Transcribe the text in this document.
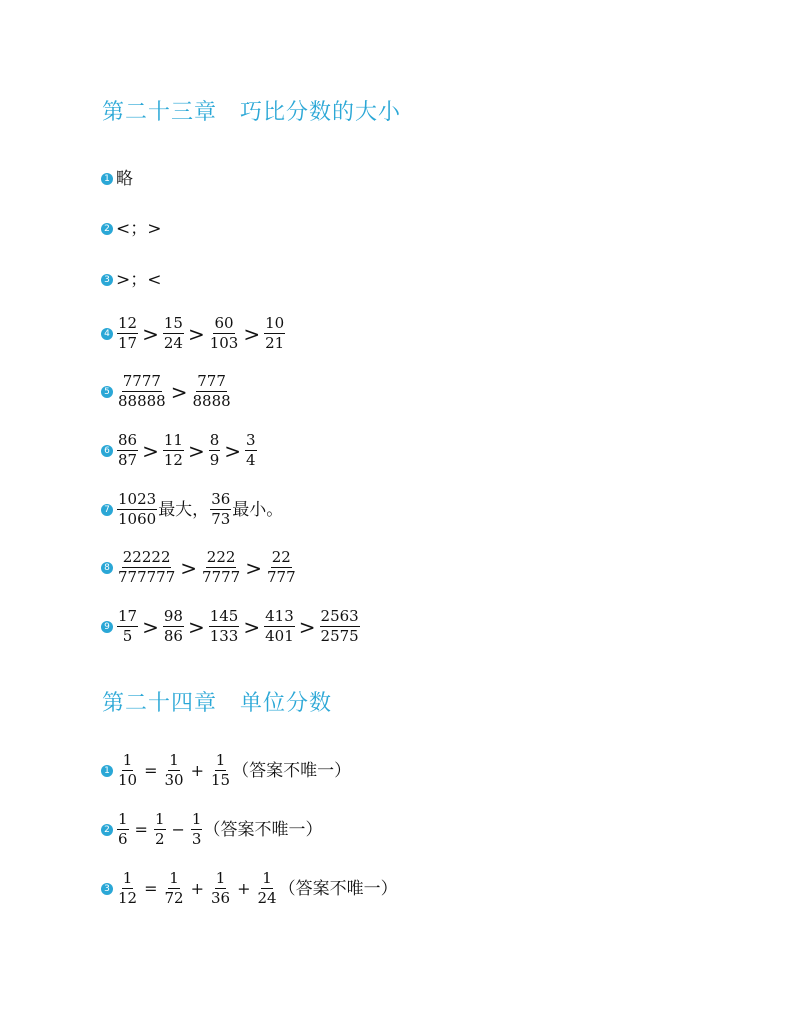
第二十三章　巧比分数的大小
1 略
2 <；>
3 >；<
$4 \frac{12}{17} > \frac{15}{24} > \frac{60}{103} > \frac{10}{21}$
$5 \frac{7777}{88888} > \frac{777}{8888}$
$6 \frac{86}{87} > \frac{11}{12} > \frac{8}{9} > \frac{3}{4}$
$7 \frac{1023}{1060}$ 最大， $\frac{36}{73}$ 最小。
$8 \frac{22222}{777777} > \frac{222}{7777} > \frac{22}{777}$
$9 \frac{17}{5} > \frac{98}{86} > \frac{145}{133} > \frac{413}{401} > \frac{2563}{2575}$
第二十四章　单位分数
$1 \frac{1}{10} = \frac{1}{30} + \frac{1}{15}$ （答案不唯一）
$2 \frac{1}{6} = \frac{1}{2} - \frac{1}{3}$ （答案不唯一）
$3 \frac{1}{12} = \frac{1}{72} + \frac{1}{36} + \frac{1}{24}$ （答案不唯一）
